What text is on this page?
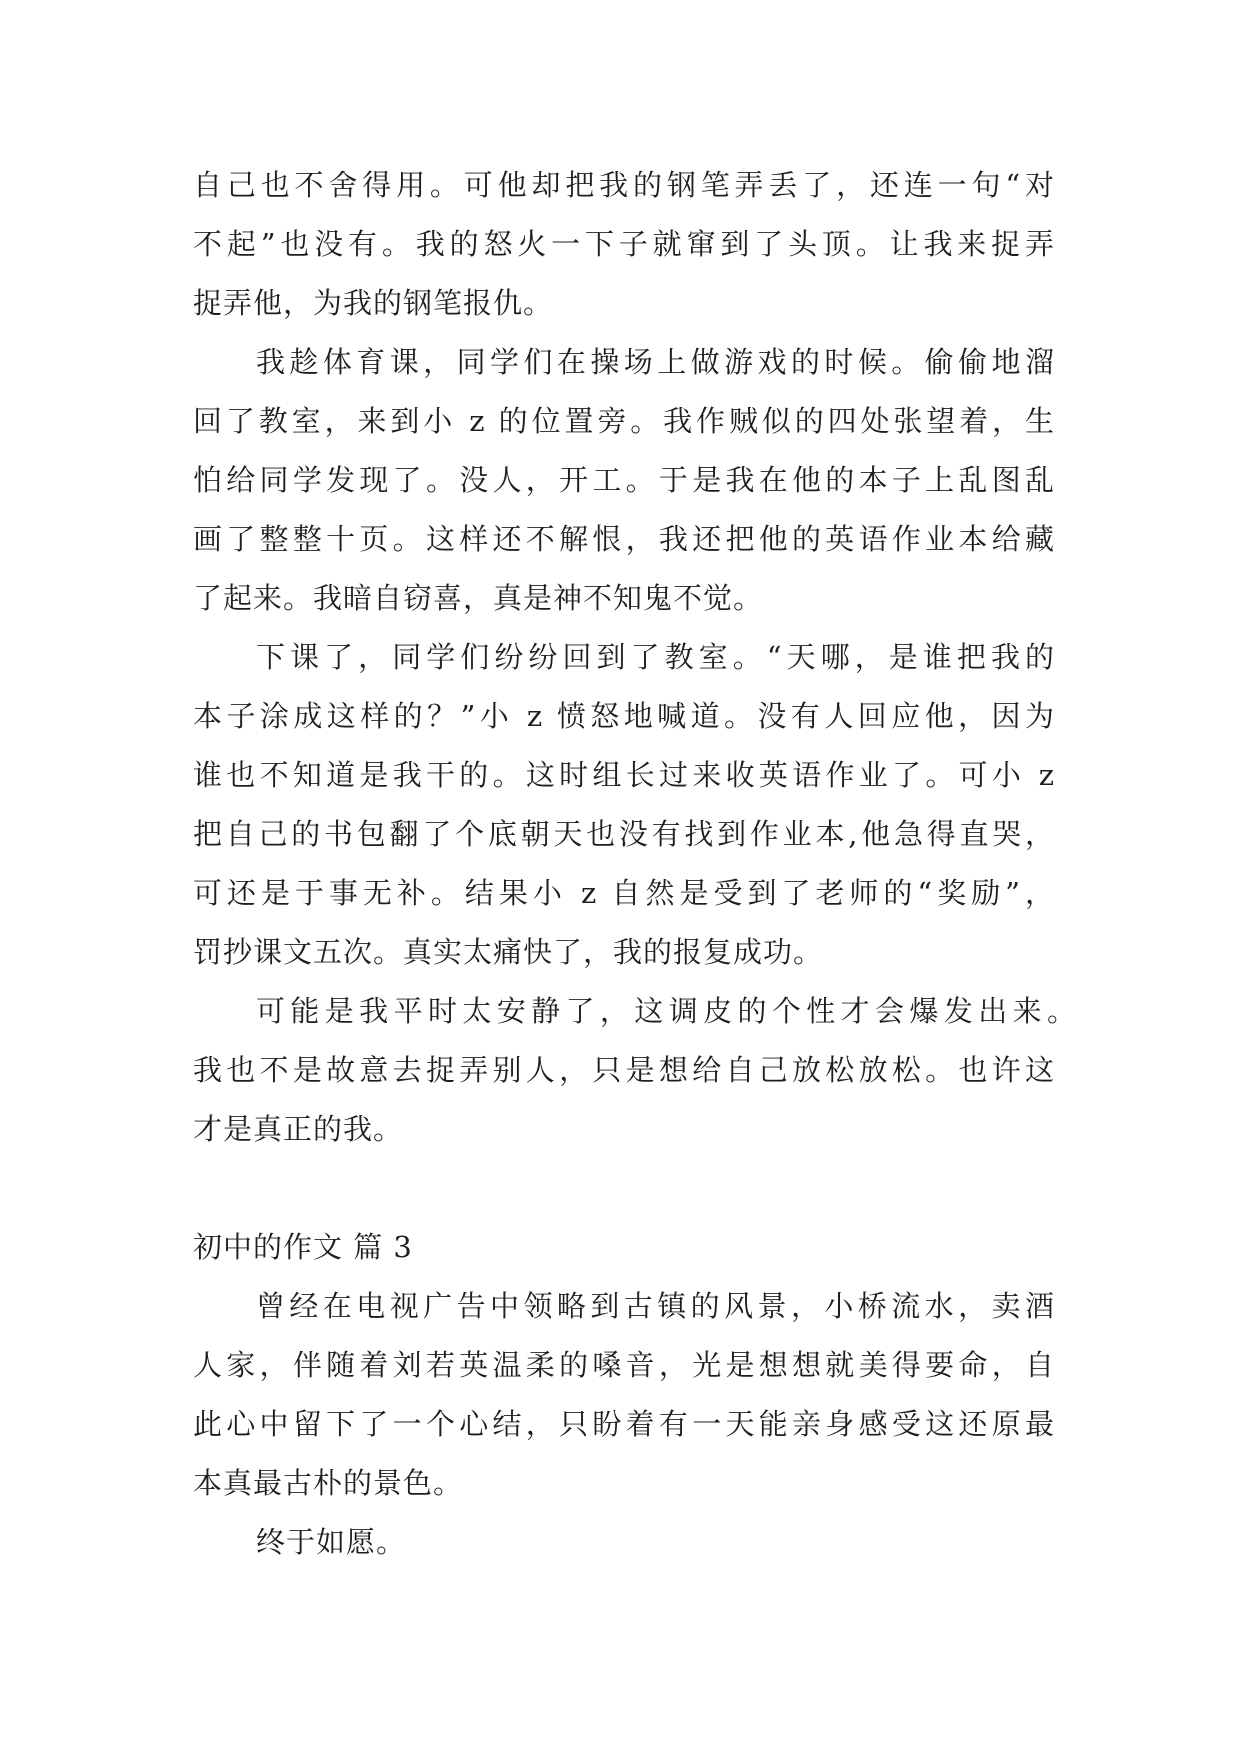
自己也不舍得用。可他却把我的钢笔弄丢了，还连一句“对
不起”也没有。我的怒火一下子就窜到了头顶。让我来捉弄
捉弄他，为我的钢笔报仇。
我趁体育课，同学们在操场上做游戏的时候。偷偷地溜
回了教室，来到小 z 的位置旁。我作贼似的四处张望着，生
怕给同学发现了。没人，开工。于是我在他的本子上乱图乱
画了整整十页。这样还不解恨，我还把他的英语作业本给藏
了起来。我暗自窃喜，真是神不知鬼不觉。
下课了，同学们纷纷回到了教室。“天哪，是谁把我的
本子涂成这样的？”小 z 愤怒地喊道。没有人回应他，因为
谁也不知道是我干的。这时组长过来收英语作业了。可小 z
把自己的书包翻了个底朝天也没有找到作业本,他急得直哭，
可还是于事无补。结果小 z 自然是受到了老师的“奖励”，
罚抄课文五次。真实太痛快了，我的报复成功。
可能是我平时太安静了，这调皮的个性才会爆发出来。
我也不是故意去捉弄别人，只是想给自己放松放松。也许这
才是真正的我。
初中的作文 篇 3
曾经在电视广告中领略到古镇的风景，小桥流水，卖酒
人家，伴随着刘若英温柔的嗓音，光是想想就美得要命，自
此心中留下了一个心结，只盼着有一天能亲身感受这还原最
本真最古朴的景色。
终于如愿。
